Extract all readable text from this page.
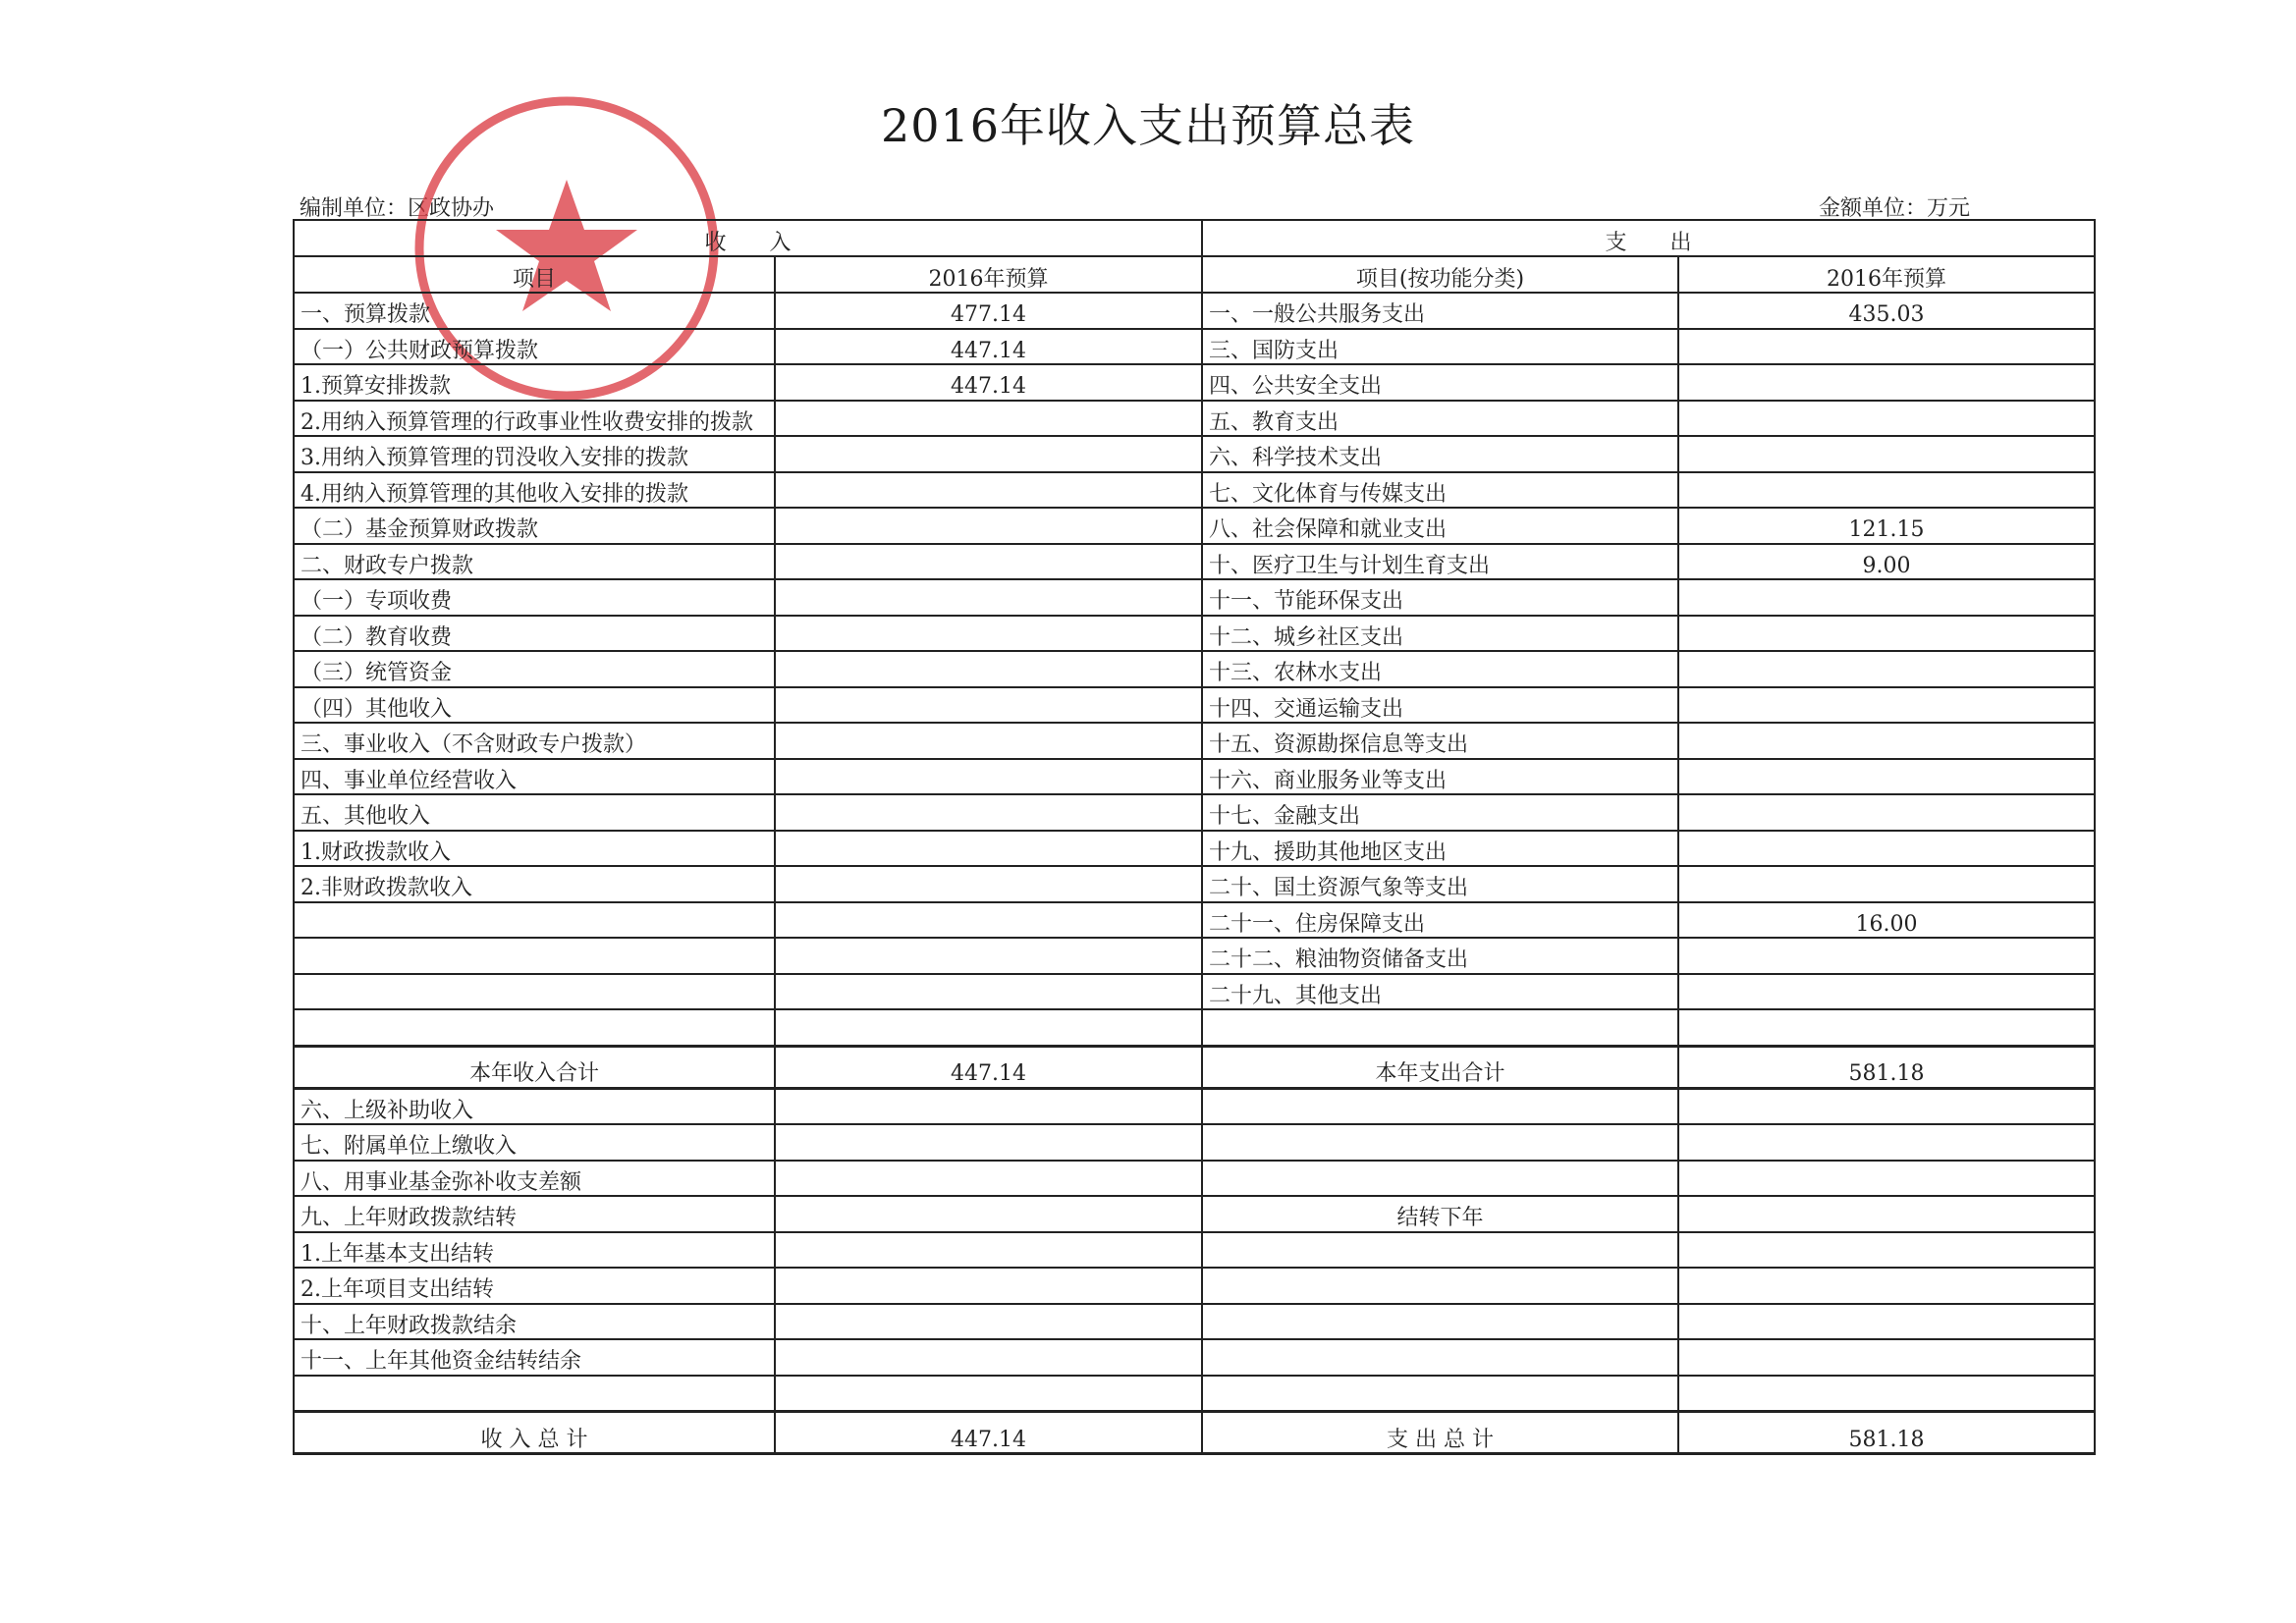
2016年收入支出预算总表
编制单位：区政协办	金额单位：万元
收　　入		支　　出	
项目	2016年预算	项目(按功能分类)	2016年预算
一、预算拨款	477.14	一、一般公共服务支出	435.03
（一）公共财政预算拨款	447.14	三、国防支出	
1.预算安排拨款	447.14	四、公共安全支出	
2.用纳入预算管理的行政事业性收费安排的拨款		五、教育支出	
3.用纳入预算管理的罚没收入安排的拨款		六、科学技术支出	
4.用纳入预算管理的其他收入安排的拨款		七、文化体育与传媒支出	
（二）基金预算财政拨款		八、社会保障和就业支出	121.15
二、财政专户拨款		十、医疗卫生与计划生育支出	9.00
（一）专项收费		十一、节能环保支出	
（二）教育收费		十二、城乡社区支出	
（三）统管资金		十三、农林水支出	
（四）其他收入		十四、交通运输支出	
三、事业收入（不含财政专户拨款）		十五、资源勘探信息等支出	
四、事业单位经营收入		十六、商业服务业等支出	
五、其他收入		十七、金融支出	
1.财政拨款收入		十九、援助其他地区支出	
2.非财政拨款收入		二十、国土资源气象等支出	
		二十一、住房保障支出	16.00
		二十二、粮油物资储备支出	
		二十九、其他支出	

本年收入合计	447.14	本年支出合计	581.18
六、上级补助收入			
七、附属单位上缴收入			
八、用事业基金弥补收支差额			
九、上年财政拨款结转		结转下年	
1.上年基本支出结转			
2.上年项目支出结转			
十、上年财政拨款结余			
十一、上年其他资金结转结余			

收 入 总 计	447.14	支 出 总 计	581.18
